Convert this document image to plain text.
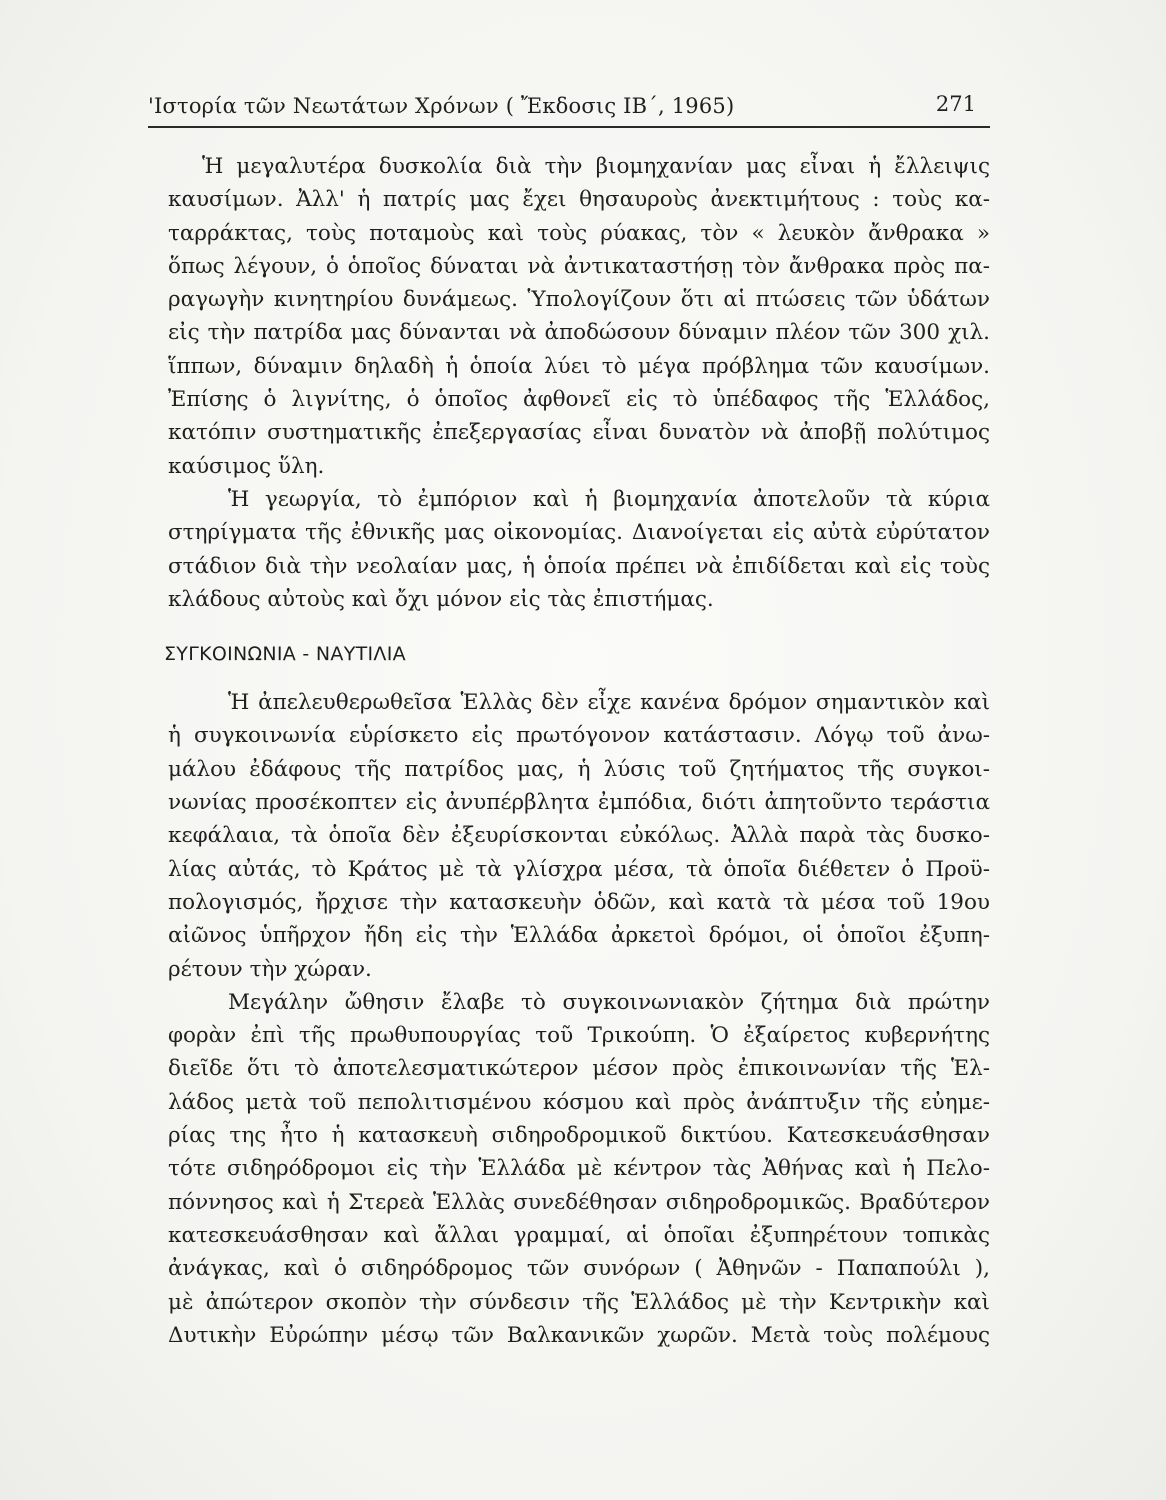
'Ιστορία τῶν Νεωτάτων Χρόνων ( Ἔκδοσις ΙΒ΄, 1965)	271
Ἡ μεγαλυτέρα δυσκολία διὰ τὴν βιομηχανίαν μας εἶναι ἡ ἔλλειψις
καυσίμων. Ἀλλ' ἡ πατρίς μας ἔχει θησαυροὺς ἀνεκτιμήτους : τοὺς κα-
ταρράκτας, τοὺς ποταμοὺς καὶ τοὺς ρύακας, τὸν « λευκὸν ἄνθρακα »
ὅπως λέγουν, ὁ ὁποῖος δύναται νὰ ἀντικαταστήσῃ τὸν ἄνθρακα πρὸς πα-
ραγωγὴν κινητηρίου δυνάμεως. Ὑπολογίζουν ὅτι αἱ πτώσεις τῶν ὑδάτων
εἰς τὴν πατρίδα μας δύνανται νὰ ἀποδώσουν δύναμιν πλέον τῶν 300 χιλ.
ἵππων, δύναμιν δηλαδὴ ἡ ὁποία λύει τὸ μέγα πρόβλημα τῶν καυσίμων.
Ἐπίσης ὁ λιγνίτης, ὁ ὁποῖος ἀφθονεῖ εἰς τὸ ὑπέδαφος τῆς Ἑλλάδος,
κατόπιν συστηματικῆς ἐπεξεργασίας εἶναι δυνατὸν νὰ ἀποβῇ πολύτιμος
καύσιμος ὕλη.
Ἡ γεωργία, τὸ ἐμπόριον καὶ ἡ βιομηχανία ἀποτελοῦν τὰ κύρια
στηρίγματα τῆς ἐθνικῆς μας οἰκονομίας. Διανοίγεται εἰς αὐτὰ εὐρύτατον
στάδιον διὰ τὴν νεολαίαν μας, ἡ ὁποία πρέπει νὰ ἐπιδίδεται καὶ εἰς τοὺς
κλάδους αὐτοὺς καὶ ὄχι μόνον εἰς τὰς ἐπιστήμας.
ΣΥΓΚΟΙΝΩΝΙΑ - ΝΑΥΤΙΛΙΑ
Ἡ ἀπελευθερωθεῖσα Ἑλλὰς δὲν εἶχε κανένα δρόμον σημαντικὸν καὶ
ἡ συγκοινωνία εὑρίσκετο εἰς πρωτόγονον κατάστασιν. Λόγῳ τοῦ ἀνω-
μάλου ἐδάφους τῆς πατρίδος μας, ἡ λύσις τοῦ ζητήματος τῆς συγκοι-
νωνίας προσέκοπτεν εἰς ἀνυπέρβλητα ἐμπόδια, διότι ἀπητοῦντο τεράστια
κεφάλαια, τὰ ὁποῖα δὲν ἐξευρίσκονται εὐκόλως. Ἀλλὰ παρὰ τὰς δυσκο-
λίας αὐτάς, τὸ Κράτος μὲ τὰ γλίσχρα μέσα, τὰ ὁποῖα διέθετεν ὁ Προϋ-
πολογισμός, ἤρχισε τὴν κατασκευὴν ὁδῶν, καὶ κατὰ τὰ μέσα τοῦ 19ου
αἰῶνος ὑπῆρχον ἤδη εἰς τὴν Ἑλλάδα ἀρκετοὶ δρόμοι, οἱ ὁποῖοι ἐξυπη-
ρέτουν τὴν χώραν.
Μεγάλην ὤθησιν ἔλαβε τὸ συγκοινωνιακὸν ζήτημα διὰ πρώτην
φορὰν ἐπὶ τῆς πρωθυπουργίας τοῦ Τρικούπη. Ὁ ἐξαίρετος κυβερνήτης
διεῖδε ὅτι τὸ ἀποτελεσματικώτερον μέσον πρὸς ἐπικοινωνίαν τῆς Ἑλ-
λάδος μετὰ τοῦ πεπολιτισμένου κόσμου καὶ πρὸς ἀνάπτυξιν τῆς εὐημε-
ρίας της ἦτο ἡ κατασκευὴ σιδηροδρομικοῦ δικτύου. Κατεσκευάσθησαν
τότε σιδηρόδρομοι εἰς τὴν Ἑλλάδα μὲ κέντρον τὰς Ἀθήνας καὶ ἡ Πελο-
πόννησος καὶ ἡ Στερεὰ Ἑλλὰς συνεδέθησαν σιδηροδρομικῶς. Βραδύτερον
κατεσκευάσθησαν καὶ ἄλλαι γραμμαί, αἱ ὁποῖαι ἐξυπηρέτουν τοπικὰς
ἀνάγκας, καὶ ὁ σιδηρόδρομος τῶν συνόρων ( Ἀθηνῶν - Παπαπούλι ),
μὲ ἀπώτερον σκοπὸν τὴν σύνδεσιν τῆς Ἑλλάδος μὲ τὴν Κεντρικὴν καὶ
Δυτικὴν Εὐρώπην μέσῳ τῶν Βαλκανικῶν χωρῶν. Μετὰ τοὺς πολέμους
